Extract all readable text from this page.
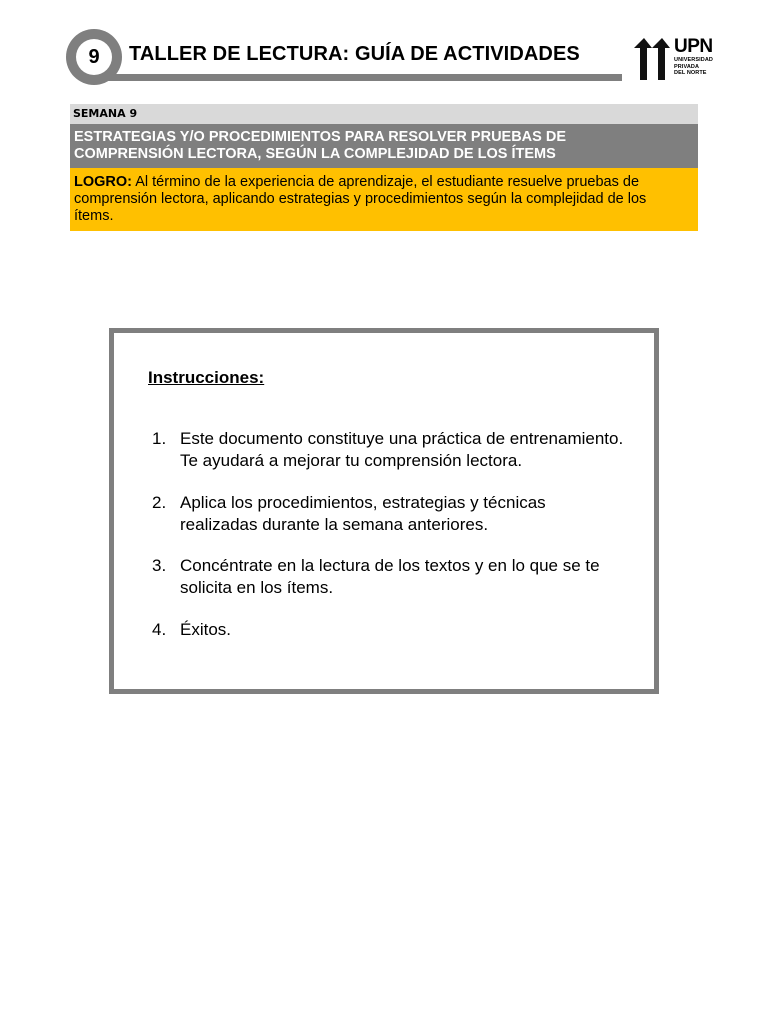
9	TALLER DE LECTURA: GUÍA DE ACTIVIDADES	UPN
UNIVERSIDAD
PRIVADA
DEL NORTE
SEMANA 9
ESTRATEGIAS Y/O PROCEDIMIENTOS PARA RESOLVER PRUEBAS DE
COMPRENSIÓN LECTORA, SEGÚN LA COMPLEJIDAD DE LOS ÍTEMS
LOGRO: Al término de la experiencia de aprendizaje, el estudiante resuelve pruebas de
comprensión lectora, aplicando estrategias y procedimientos según la complejidad de los
ítems.
Instrucciones:
1. Este documento constituye una práctica de entrenamiento.
Te ayudará a mejorar tu comprensión lectora.
2. Aplica los procedimientos, estrategias y técnicas
realizadas durante la semana anteriores.
3. Concéntrate en la lectura de los textos y en lo que se te
solicita en los ítems.
4. Éxitos.
